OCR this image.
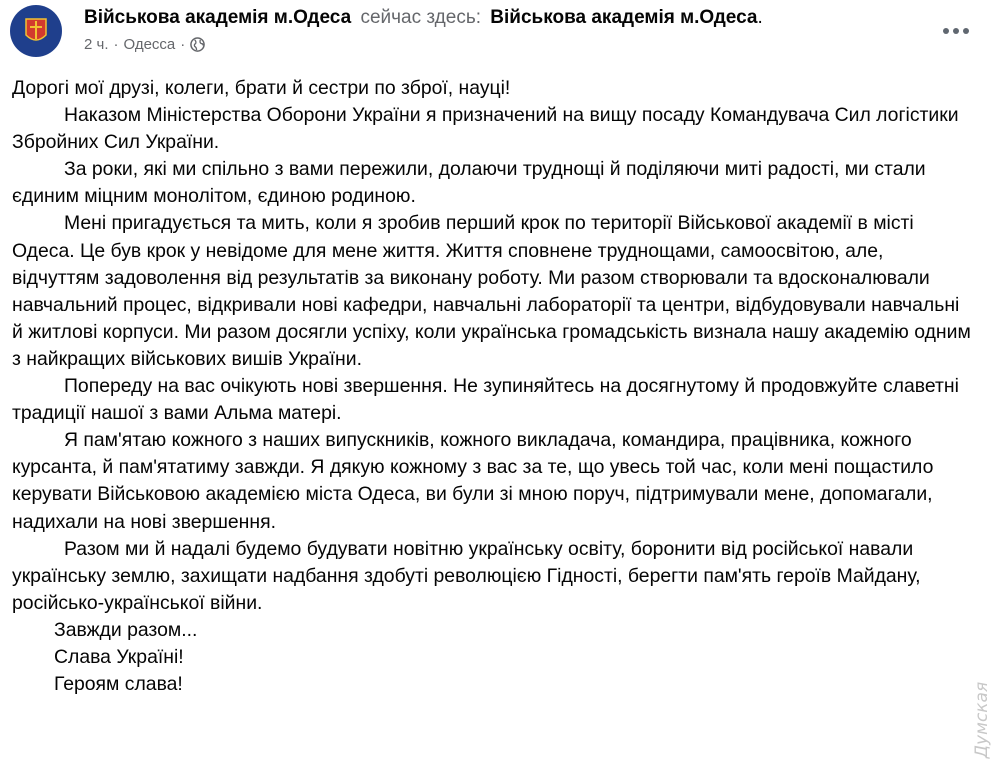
Військова академія м.Одеса сейчас здесь: Військова академія м.Одеса.
2 ч. · Одесса ·

Дорогі мої друзі, колеги, брати й сестри по зброї, науці!

Наказом Міністерства Оборони України я призначений на вищу посаду Командувача Сил логістики Збройних Сил України.

За роки, які ми спільно з вами пережили, долаючи труднощі й поділяючи миті радості, ми стали єдиним міцним монолітом, єдиною родиною.

Мені пригадується та мить, коли я зробив перший крок по території Військової академії в місті Одеса. Це був крок у невідоме для мене життя. Життя сповнене труднощами, самоосвітою, але, відчуттям задоволення від результатів за виконану роботу. Ми разом створювали та вдосконалювали навчальний процес, відкривали нові кафедри, навчальні лабораторії та центри, відбудовували навчальні й житлові корпуси. Ми разом досягли успіху, коли українська громадськість визнала нашу академію одним з найкращих військових вишів України.

Попереду на вас очікують нові звершення. Не зупиняйтесь на досягнутому й продовжуйте славетні традиції нашої з вами Альма матері.

Я пам'ятаю кожного з наших випускників, кожного викладача, командира, працівника, кожного курсанта, й пам'ятатиму завжди. Я дякую кожному з вас за те, що увесь той час, коли мені пощастило керувати Військовою академією міста Одеса, ви були зі мною поруч, підтримували мене, допомагали, надихали на нові звершення.

Разом ми й надалі будемо будувати новітню українську освіту, боронити від російської навали українську землю, захищати надбання здобуті революцією Гідності, берегти пам'ять героїв Майдану, російсько-української війни.

Завжди разом...

Слава Україні!

Героям слава!	Думская
